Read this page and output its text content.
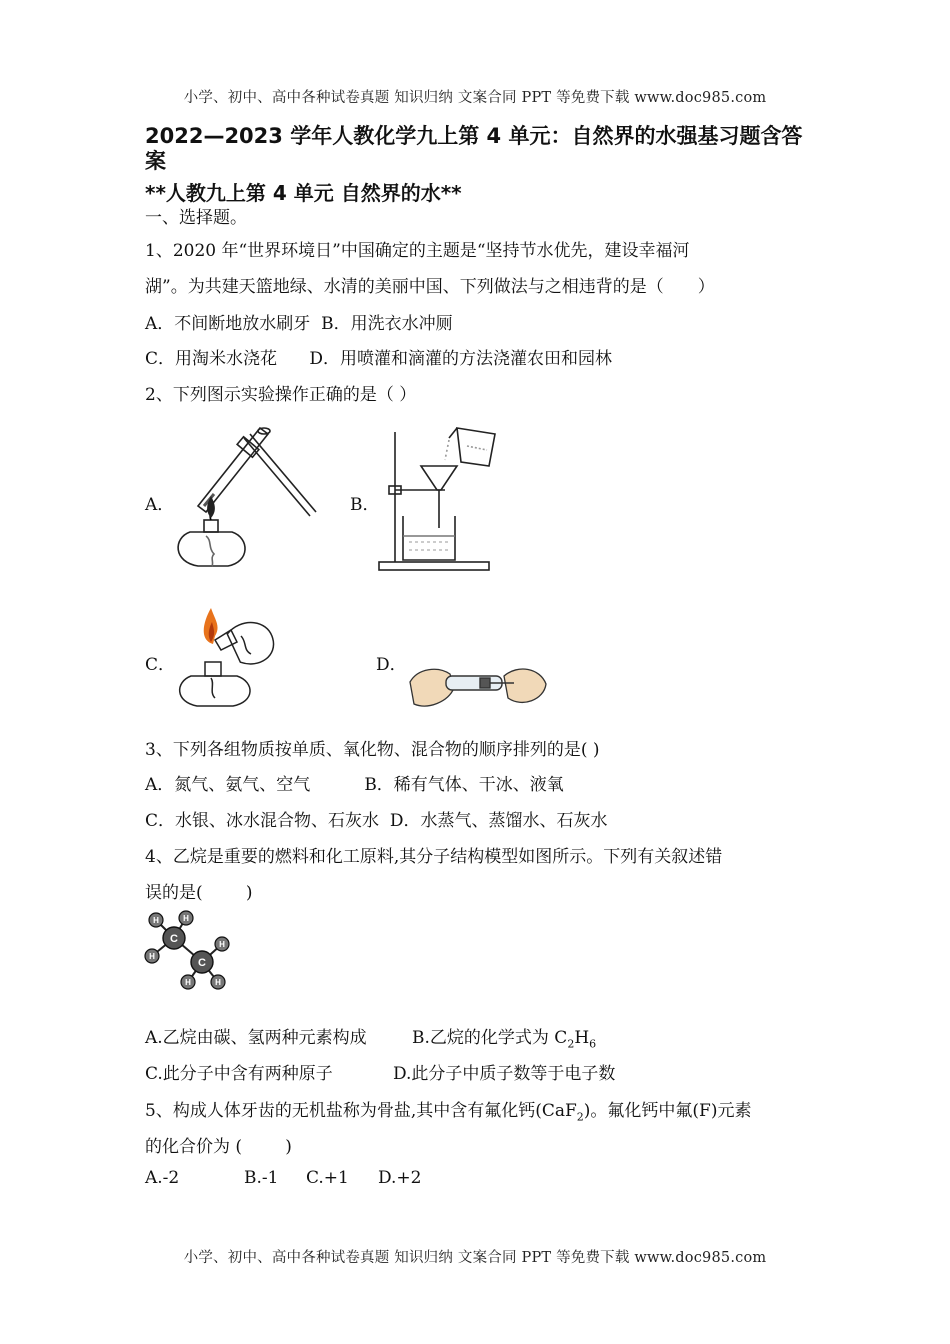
小学、初中、高中各种试卷真题 知识归纳 文案合同 PPT 等免费下载 www.doc985.com
2022—2023 学年人教化学九上第 4 单元：自然界的水强基习题含答案
**人教九上第 4 单元 自然界的水**
一、选择题。
1、2020 年“世界环境日”中国确定的主题是“坚持节水优先，建设幸福河
湖”。为共建天篮地绿、水清的美丽中国、下列做法与之相违背的是（　　）
A．不间断地放水刷牙  B．用洗衣水冲厕
C．用淘米水浇花      D．用喷灌和滴灌的方法浇灌农田和园林
2、下列图示实验操作正确的是（ ）
A．	B．
C．	D．
3、下列各组物质按单质、氧化物、混合物的顺序排列的是( )
A．氮气、氨气、空气          B．稀有气体、干冰、液氧
C．水银、冰水混合物、石灰水  D．水蒸气、蒸馏水、石灰水
4、乙烷是重要的燃料和化工原料,其分子结构模型如图所示。下列有关叙述错
误的是(        )
C
C
H	H
H
H
H	H
A.乙烷由碳、氢两种元素构成	B.乙烷的化学式为 $C_2H_6$
C.此分子中含有两种原子	D.此分子中质子数等于电子数
5、构成人体牙齿的无机盐称为骨盐,其中含有氟化钙(CaF$_2$)。氟化钙中氟(F)元素
的化合价为 (        )
A.-2	B.-1 C.+1 D.+2
小学、初中、高中各种试卷真题 知识归纳 文案合同 PPT 等免费下载 www.doc985.com
